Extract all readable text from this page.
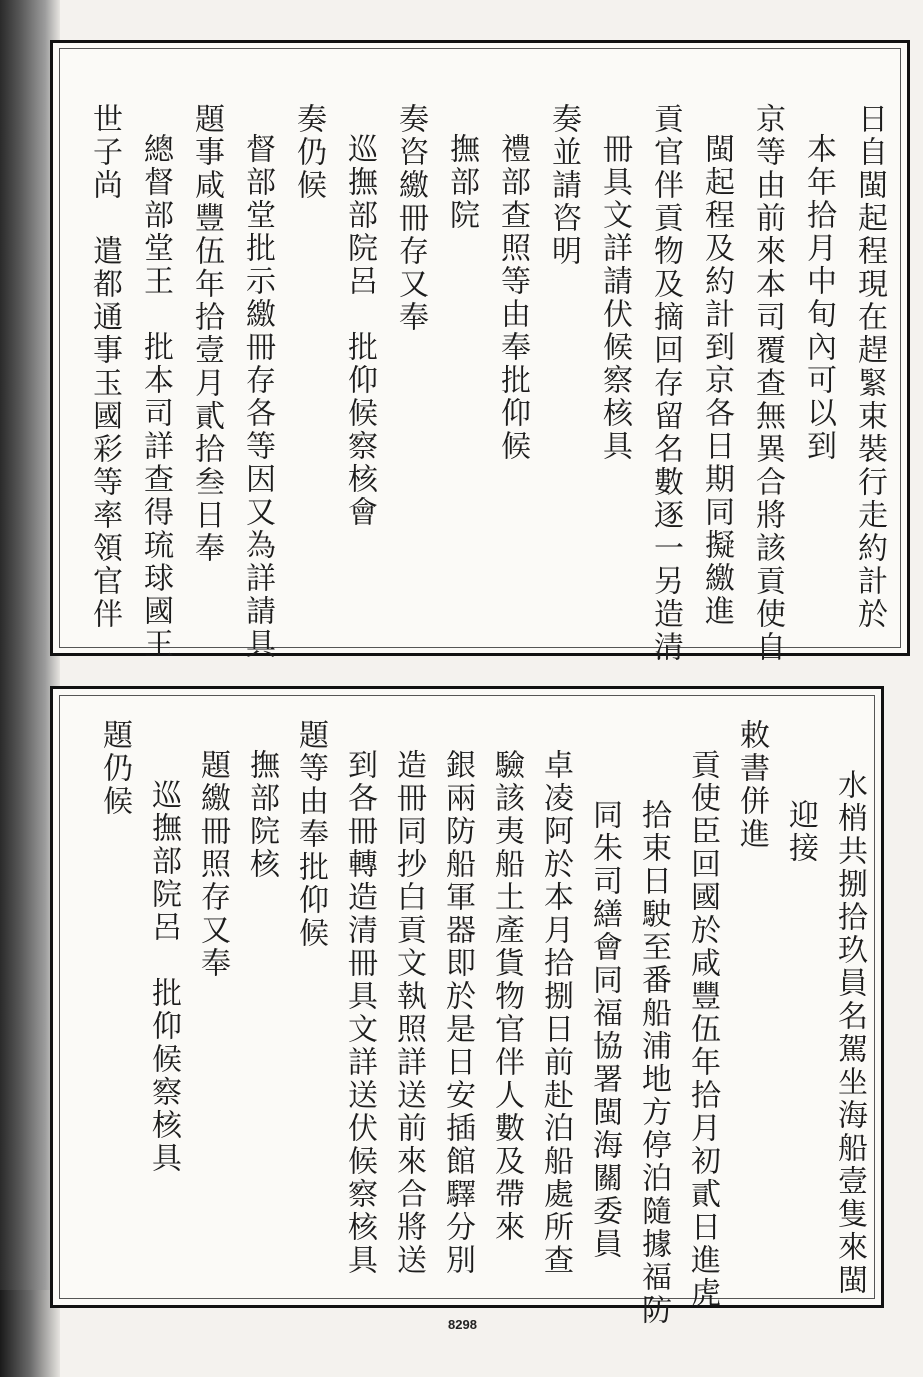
日自閩起程現在趕緊束裝行走約計於
本年拾月中旬內可以到
京等由前來本司覆查無異合將該貢使自
閩起程及約計到京各日期同擬繳進
貢官伴貢物及摘回存留名數逐一另造清
冊具文詳請伏候察核具
奏並請咨明
禮部查照等由奉批仰候
撫部院
奏咨繳冊存又奉
巡撫部院呂　批仰候察核會
奏仍候
督部堂批示繳冊存各等因又為詳請具
題事咸豐伍年拾壹月貳拾叁日奉
總督部堂王　批本司詳查得琉球國王
世子尚　遣都通事玉國彩等率領官伴
水梢共捌拾玖員名駕坐海船壹隻來閩
迎接
敕書併進
貢使臣回國於咸豐伍年拾月初貳日進虎
拾束日駛至番船浦地方停泊隨據福防
同朱司繕會同福協署閩海關委員
卓凌阿於本月拾捌日前赴泊船處所查
驗該夷船土產貨物官伴人數及帶來
銀兩防船軍器即於是日安插館驛分別
造冊同抄白貢文執照詳送前來合將送
到各冊轉造清冊具文詳送伏候察核具
題等由奉批仰候
撫部院核
題繳冊照存又奉
巡撫部院呂　批仰候察核具
題仍候
8298
